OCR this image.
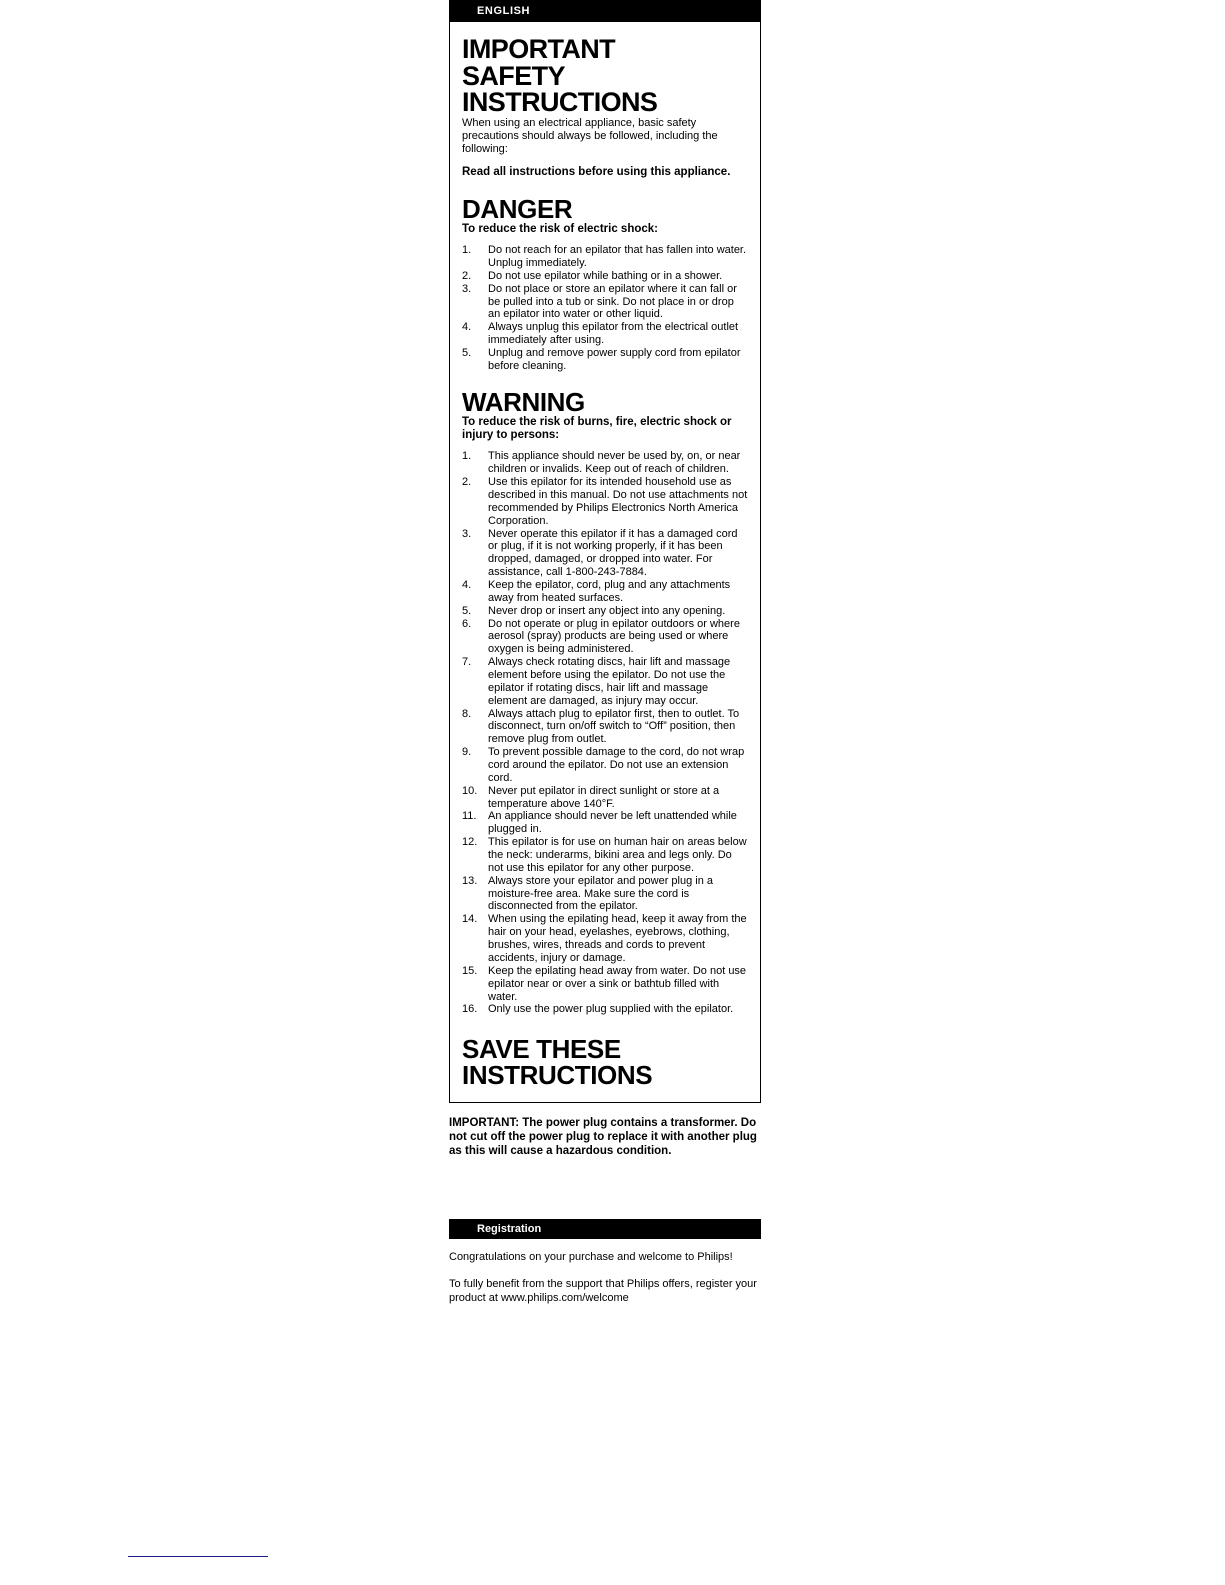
ENGLISH
IMPORTANT
SAFETY
INSTRUCTIONS
When using an electrical appliance, basic safety precautions should always be followed, including the following:
Read all instructions before using this appliance.
DANGER
To reduce the risk of electric shock:
1.	Do not reach for an epilator that has fallen into water. Unplug immediately.
2.	Do not use epilator while bathing or in a shower.
3.	Do not place or store an epilator where it can fall or be pulled into a tub or sink. Do not place in or drop an epilator into water or other liquid.
4.	Always unplug this epilator from the electrical outlet immediately after using.
5.	Unplug and remove power supply cord from epilator before cleaning.
WARNING
To reduce the risk of burns, fire, electric shock or injury to persons:
1.	This appliance should never be used by, on, or near children or invalids. Keep out of reach of children.
2.	Use this epilator for its intended household use as described in this manual. Do not use attachments not recommended by Philips Electronics North America Corporation.
3.	Never operate this epilator if it has a damaged cord or plug, if it is not working properly, if it has been dropped, damaged, or dropped into water. For assistance, call 1-800-243-7884.
4.	Keep the epilator, cord, plug and any attachments away from heated surfaces.
5.	Never drop or insert any object into any opening.
6.	Do not operate or plug in epilator outdoors or where aerosol (spray) products are being used or where oxygen is being administered.
7.	Always check rotating discs, hair lift and massage element before using the epilator. Do not use the epilator if rotating discs, hair lift and massage element are damaged, as injury may occur.
8.	Always attach plug to epilator first, then to outlet. To disconnect, turn on/off switch to “Off” position, then remove plug from outlet.
9.	To prevent possible damage to the cord, do not wrap cord around the epilator. Do not use an extension cord.
10. Never put epilator in direct sunlight or store at a temperature above 140°F.
11.	An appliance should never be left unattended while plugged in.
12. This epilator is for use on human hair on areas below the neck: underarms, bikini area and legs only. Do not use this epilator for any other purpose.
13. Always store your epilator and power plug in a moisture-free area. Make sure the cord is disconnected from the epilator.
14. When using the epilating head, keep it away from the hair on your head, eyelashes, eyebrows, clothing, brushes, wires, threads and cords to prevent accidents, injury or damage.
15. Keep the epilating head away from water. Do not use epilator near or over a sink or bathtub filled with water.
16. Only use the power plug supplied with the epilator.
SAVE THESE
INSTRUCTIONS
IMPORTANT: The power plug contains a transformer. Do not cut off the power plug to replace it with another plug as this will cause a hazardous condition.
Registration

Congratulations on your purchase and welcome to Philips!

To fully benefit from the support that Philips offers, register your product at www.philips.com/welcome
